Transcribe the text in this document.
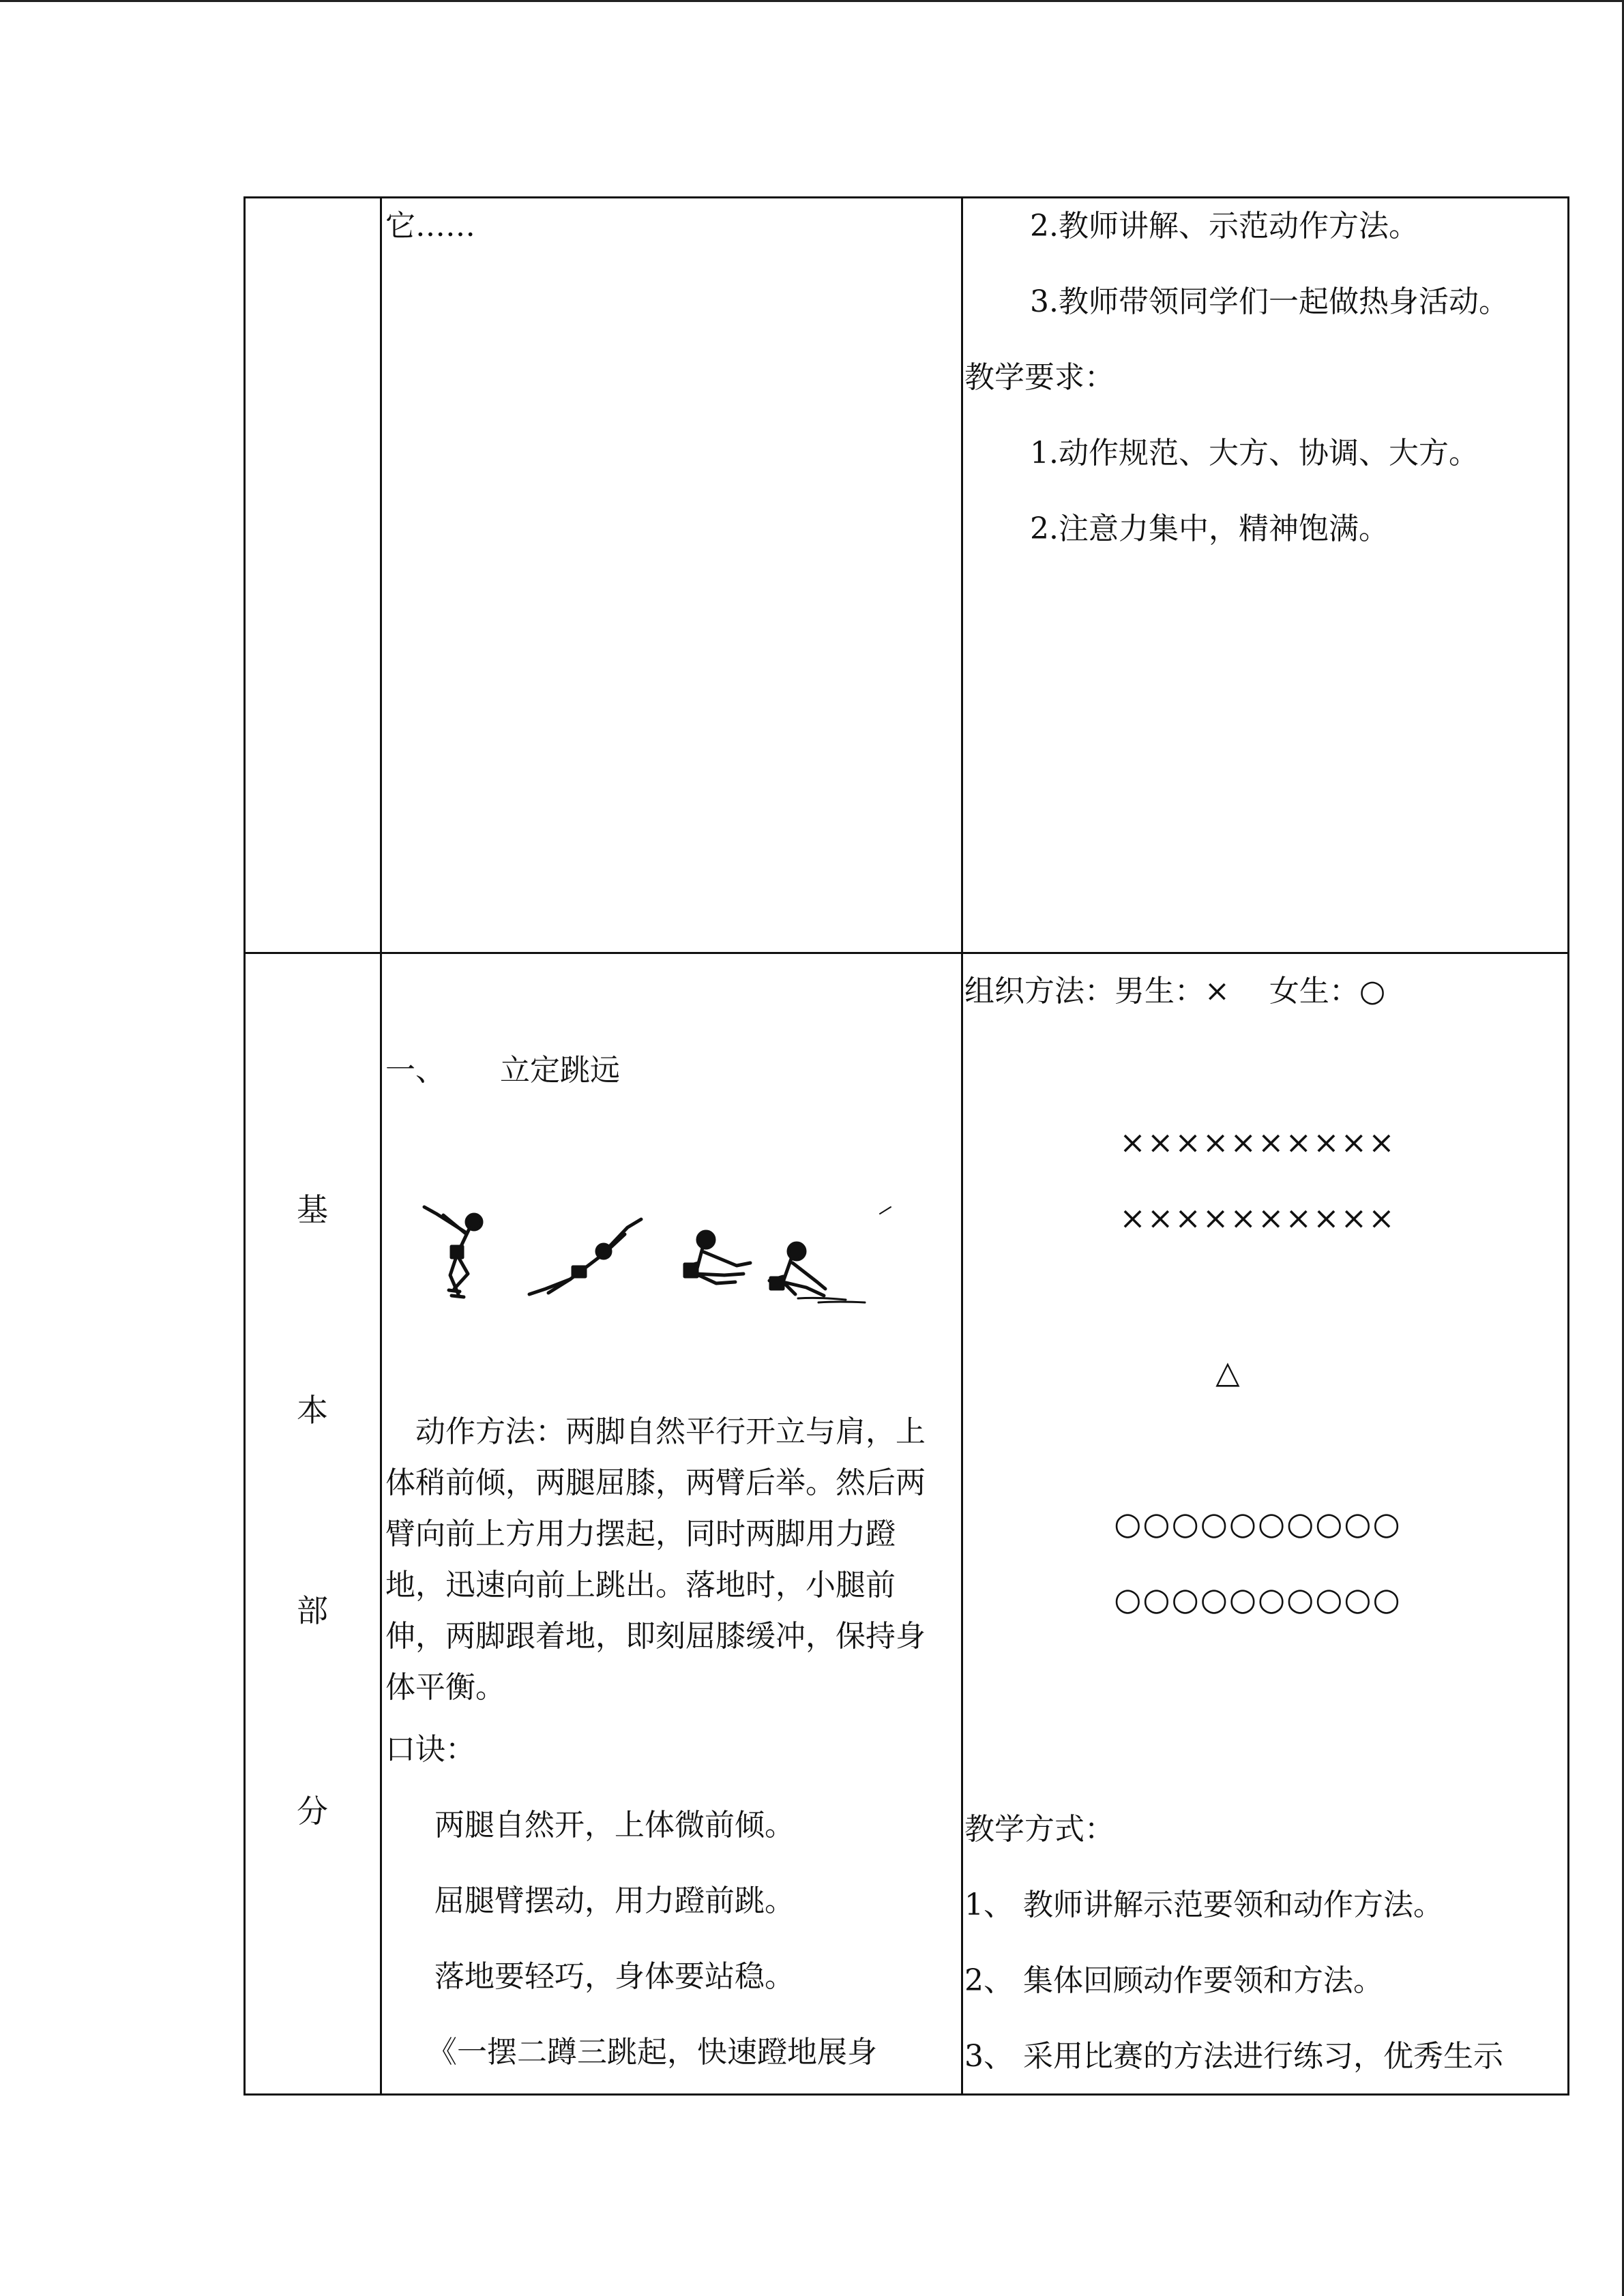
它……	2.教师讲解、示范动作方法。
3.教师带领同学们一起做热身活动。
教学要求：
1.动作规范、大方、协调、大方。
2.注意力集中，精神饱满。
基
本
部
分
一、 立定跳远
动作方法：两脚自然平行开立与肩，上体稍前倾，两腿屈膝，两臂后举。然后两臂向前上方用力摆起，同时两脚用力蹬地，迅速向前上跳出。落地时，小腿前伸，两脚跟着地，即刻屈膝缓冲，保持身体平衡。
口诀：
两腿自然开，上体微前倾。
屈腿臂摆动，用力蹬前跳。
落地要轻巧，身体要站稳。
《一摆二蹲三跳起，快速蹬地展身
组织方法：男生：×　 女生：○
××××××××××
××××××××××
△
○○○○○○○○○○
○○○○○○○○○○
教学方式：
1、 教师讲解示范要领和动作方法。
2、 集体回顾动作要领和方法。
3、 采用比赛的方法进行练习，优秀生示
